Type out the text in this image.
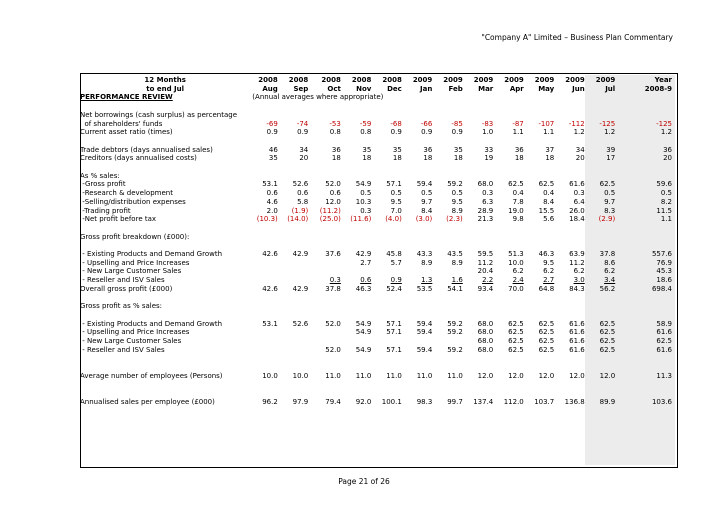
"Company A" Limited – Business Plan Commentary
12 Months	2008	2008	2008	2008	2008	2009	2009	2009	2009	2009	2009	2009	Year
to end Jul	Aug	Sep	Oct	Nov	Dec	Jan	Feb	Mar	Apr	May	Jun	Jul	2008-9
PERFORMANCE REVIEW	(Annual averages where appropriate)												

Net borrowings (cash surplus) as percentage													
of shareholders' funds	-69	-74	-53	-59	-68	-66	-85	-83	-87	-107	-112	-125	-125
Current asset ratio (times)	0.9	0.9	0.8	0.8	0.9	0.9	0.9	1.0	1.1	1.1	1.2	1.2	1.2

Trade debtors (days annualised sales)	46	34	36	35	35	36	35	33	36	37	34	39	36
Creditors (days annualised costs)	35	20	18	18	18	18	18	19	18	18	20	17	20

As % sales:													
-Gross profit	53.1	52.6	52.0	54.9	57.1	59.4	59.2	68.0	62.5	62.5	61.6	62.5	59.6
-Research & development	0.6	0.6	0.6	0.5	0.5	0.5	0.5	0.3	0.4	0.4	0.3	0.5	0.5
-Selling/distribution expenses	4.6	5.8	12.0	10.3	9.5	9.7	9.5	6.3	7.8	8.4	6.4	9.7	8.2
-Trading profit	2.0	(1.9)	(11.2)	0.3	7.0	8.4	8.9	28.9	19.0	15.5	26.0	8.3	11.5
-Net profit before tax	(10.3)	(14.0)	(25.0)	(11.6)	(4.0)	(3.0)	(2.3)	21.3	9.8	5.6	18.4	(2.9)	1.1

Gross profit breakdown (£000):													

- Existing Products and Demand Growth	42.6	42.9	37.6	42.9	45.8	43.3	43.5	59.5	51.3	46.3	63.9	37.8	557.6
- Upselling and Price Increases				2.7	5.7	8.9	8.9	11.2	10.0	9.5	11.2	8.6	76.9
- New Large Customer Sales								20.4	6.2	6.2	6.2	6.2	45.3
- Reseller and ISV Sales			0.3	0.6	0.9	1.3	1.6	2.2	2.4	2.7	3.0	3.4	18.6
Overall gross profit (£000)	42.6	42.9	37.8	46.3	52.4	53.5	54.1	93.4	70.0	64.8	84.3	56.2	698.4

Gross profit as % sales:													

- Existing Products and Demand Growth	53.1	52.6	52.0	54.9	57.1	59.4	59.2	68.0	62.5	62.5	61.6	62.5	58.9
- Upselling and Price Increases				54.9	57.1	59.4	59.2	68.0	62.5	62.5	61.6	62.5	61.6
- New Large Customer Sales								68.0	62.5	62.5	61.6	62.5	62.5
- Reseller and ISV Sales			52.0	54.9	57.1	59.4	59.2	68.0	62.5	62.5	61.6	62.5	61.6

Average number of employees (Persons)	10.0	10.0	11.0	11.0	11.0	11.0	11.0	12.0	12.0	12.0	12.0	12.0	11.3

Annualised sales per employee (£000)	96.2	97.9	79.4	92.0	100.1	98.3	99.7	137.4	112.0	103.7	136.8	89.9	103.6
Page 21 of 26
